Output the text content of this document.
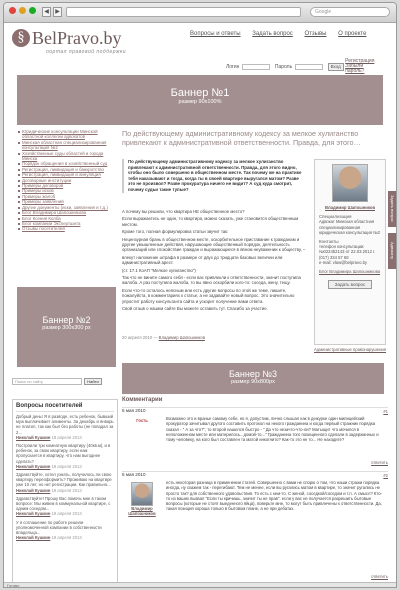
◀	▶	Google
§ BelPravo.by
портал правовой поддержки
Вопросы и ответы Задать вопрос Отзывы О проекте
Логин	Пароль	Вход Регистрация
Забыли пароль?
Баннер №1
размер 90x100%
Юридические консультации Минской областной коллегии адвокатов
Минская областная специализированная консультация №2
Хозяйственные суды областей и города Минска
Порядок обращения в хозяйственный суд
Регистрация, ликвидация и банкротство
Регистрация, ликвидация и аннуляция
Договорные институции
Примеры договоров
Примеры исков
Примеры жалоб
Примеры заявлений
Другие документы (иски, заявления и т.д.)
Блог Владимира Шапошникова
Блог Ксения Колба
Блог компании Экспертшита
Отзывы посетителей
Баннер №2
размер 300x300 px
Поиск по сайту	Найти
Вопросы посетителей
Добрый день! Я в разводе, есть ребенок, бывший муж выплачивает алименты. За декабрь и январь не платил, так как был без работы (не попадал за 2...
Николай Кушкин 19 апреля 2013
Построили три комнатную квартиру (40кв.м), и в ребенок, за свою квартиру, если нам пропускается в квартиру, что нам выгоднее сделать?
Николай Кушкин 19 апреля 2013
Здравствуйте, хотел узнать, получилось ли свою квартиру переоформить? Проживаю на квартире уже 10 лет, но нет регистрации. Как правильно...
Николай Кушкин 19 апреля 2013
Здравствуйте! Прошу Вас помочь мне в таком вопросе: Мы живем в коммунальной квартире, с одним соседом...
Николай Кушкин 19 апреля 2013
У я соглашение по работе решили уполномоченной компании в собственности владельца...
Николай Кушкин 19 апреля 2013
По действующему административному кодексу за мелкое хулиганство привлекают к административной ответственности. Правда, для этого…
По действующему административному кодексу за мелкое хулиганство привлекают к административной ответственности. Правда, для этого видно, чтобы оно было совершено в общественном месте. Так почему же на практике тебя наказывают и тогда, когда ты в своей квартире выругался матом? Разве это не произвол? Разве прокуратура ничего не видит? А суд куда смотрит, почему судьи такие тупые?

А почему вы решили, что квартира НЕ общественное место?

Если выражаетесь не один, то квартира, можно сказать, уже становится общественным местом.

Кроме того, полная формулировка статьи звучит так:

Нецензурная брань в общественном месте, оскорбительное приставание к гражданам и другие умышленные действия, нарушающие общественный порядок, деятельность организаций или спокойствие граждан и выражающиеся в явном неуважении к обществу, –

влекут наложение штрафа в размере от двух до тридцати базовых величин или административный арест.

(ст. 17.1 КоАП "Мелкое хулиганство")

Так что не вините самого себя - если вас привлекли к ответственности, значит поступила жалоба. А раз поступила жалоба, то вы явно оскорбили кого-то: соседа, жену, тещу.

Если что-то осталось неясным или есть другие вопросы по этой же теме, пишите, пожалуйста, в комментариях к статье, а не задавайте новый вопрос. Это значительно упростит работу консультанта сайта и ускорит получение вами ответа.

Свой отзыв о нашем сайте Вы можете оставить тут. Спасибо за участие.

20 апреля 2010 — Владимир Шапошников
Владимир Шапошников
Специализация
Адвокат Минская областная специализированная юридическая консультация №2
Контакты
телефон консультации: №022452143 от 22.03.2012 г.
(017) 334 57 68
e-mail: vlaw@belpravo.by
Блог Владимира Шапошникова
Задать вопрос
Административные правонарушения
Задать вопрос
Адвокату
Баннер №3
размер 90x800px
Комментарии
6 мая 2010	#1
Гость	Возможно это и вранье самому себе, но я, допустим, лично слышал как в дежурке один милицейский прокуратор зачитывал другого составить протокол на некого гражданина и когда первый стражник порядка сказал - " А за что?", то второй нашелся быстро - " Да что незачто-что-ли? Матыщит что мочился в неположенном месте или материлось...домой-то..." Гражданина того похищенного сделали в задержанных и тому человеку, на кого был составлен та матой инкогнито? Как-то это не то... Не находите?
ответить
6 мая 2010	#2
Владимир Шапошников
есть некоторая разница в применении статей. Совершенно с вами не спорю о том, что наши стражи порядка иногда, ну скажем так - перегибают. Тем не менее, если вы ругались матом в квартире, то значит ругались не просто так? для собственного удовольствия. То есть с кем-то. С женой, соседкой/соседом и т.п. А смысл? Кто-то из ваших вызвал "Если ты кричишь, значит ты не прав". если у вас не получается разрешить бытовые вопросы (которые не стоят выеденного яйца), поверьте мне, то могут быть привлечены к ответственности. Да, такая позиция хороша только в бытовом плане, а не при дебатах.
ответить
Готово
